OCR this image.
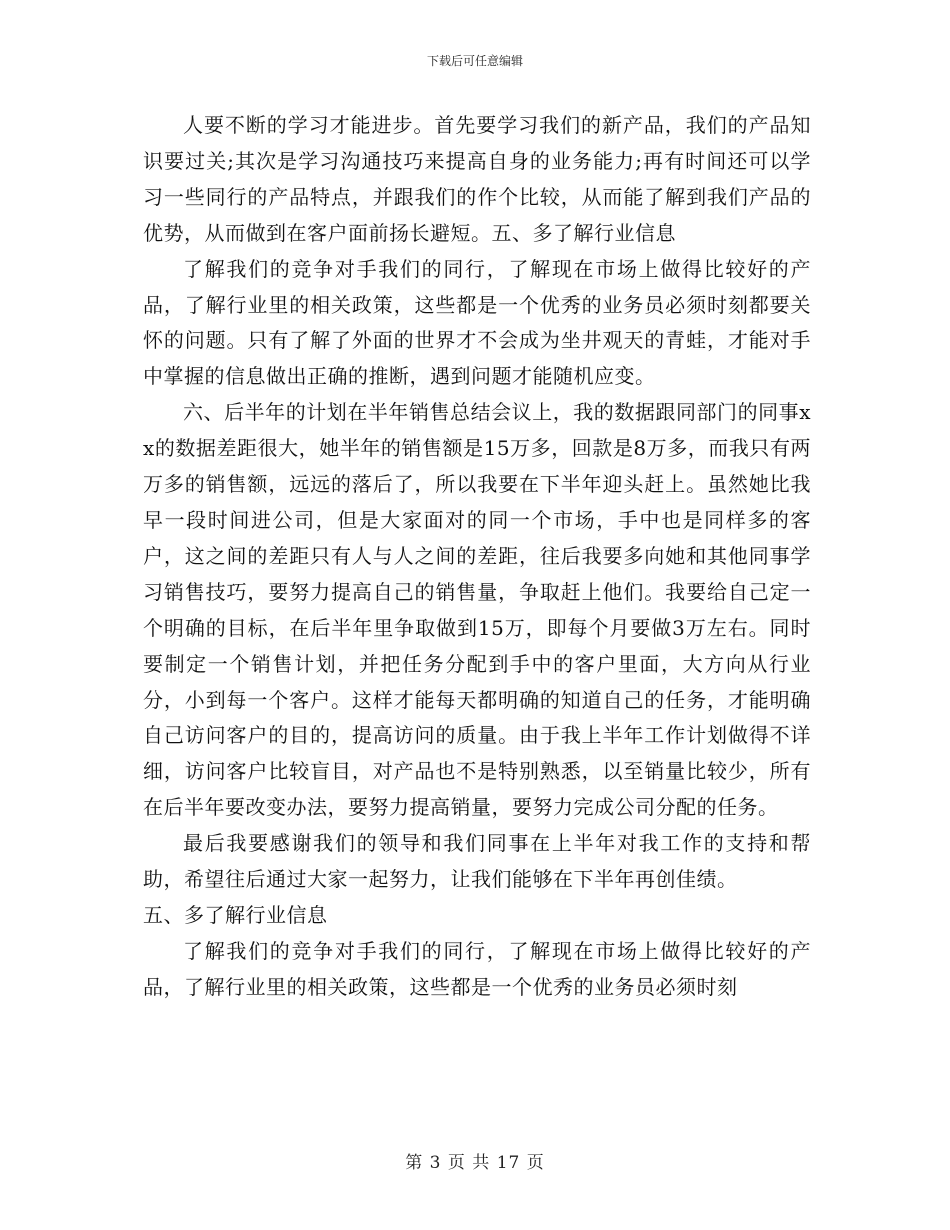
下载后可任意编辑

人要不断的学习才能进步。首先要学习我们的新产品，我们的产品知识要过关;其次是学习沟通技巧来提高自身的业务能力;再有时间还可以学习一些同行的产品特点，并跟我们的作个比较，从而能了解到我们产品的优势，从而做到在客户面前扬长避短。五、多了解行业信息

了解我们的竞争对手我们的同行，了解现在市场上做得比较好的产品，了解行业里的相关政策，这些都是一个优秀的业务员必须时刻都要关怀的问题。只有了解了外面的世界才不会成为坐井观天的青蛙，才能对手中掌握的信息做出正确的推断，遇到问题才能随机应变。

六、后半年的计划在半年销售总结会议上，我的数据跟同部门的同事xx的数据差距很大，她半年的销售额是15万多，回款是8万多，而我只有两万多的销售额，远远的落后了，所以我要在下半年迎头赶上。虽然她比我早一段时间进公司，但是大家面对的同一个市场，手中也是同样多的客户，这之间的差距只有人与人之间的差距，往后我要多向她和其他同事学习销售技巧，要努力提高自己的销售量，争取赶上他们。我要给自己定一个明确的目标，在后半年里争取做到15万，即每个月要做3万左右。同时要制定一个销售计划，并把任务分配到手中的客户里面，大方向从行业分，小到每一个客户。这样才能每天都明确的知道自己的任务，才能明确自己访问客户的目的，提高访问的质量。由于我上半年工作计划做得不详细，访问客户比较盲目，对产品也不是特别熟悉，以至销量比较少，所有在后半年要改变办法，要努力提高销量，要努力完成公司分配的任务。

最后我要感谢我们的领导和我们同事在上半年对我工作的支持和帮助，希望往后通过大家一起努力，让我们能够在下半年再创佳绩。

五、多了解行业信息

了解我们的竞争对手我们的同行，了解现在市场上做得比较好的产品，了解行业里的相关政策，这些都是一个优秀的业务员必须时刻

第 3 页 共 17 页
